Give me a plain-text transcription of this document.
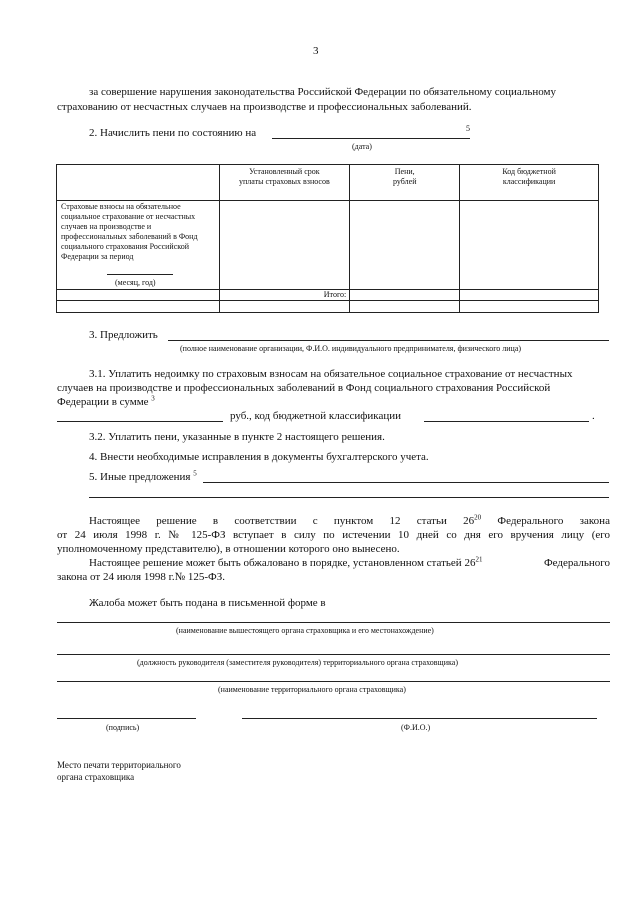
3
за совершение нарушения законодательства Российской Федерации по обязательному социальному
страхованию от несчастных случаев на производстве и профессиональных заболеваний.
2. Начислить пени по состоянию на	5
(дата)

	Установленный срок уплаты страховых взносов	Пени, рублей	Код бюджетной классификации

Страховые взносы на обязательное социальное страхование от несчастных случаев на производстве и профессиональных заболеваний в Фонд социального страхования Российской Федерации за период
(месяц, год)			

	Итого:		

3. Предложить
(полное наименование организации, Ф.И.О. индивидуального предпринимателя, физического лица)
3.1. Уплатить недоимку по страховым взносам на обязательное социальное страхование от несчастных
случаев на производстве и профессиональных заболеваний в Фонд социального страхования Российской
Федерации в сумме $^3$
руб., код бюджетной классификации	.
3.2. Уплатить пени, указанные в пункте 2 настоящего решения.
4. Внести необходимые исправления в документы бухгалтерского учета.
5. Иные предложения $^5$
Настоящее решение в соответствии с пунктом 12 статьи $26^{20}$ Федерального закона
от 24 июля 1998 г. № 125-ФЗ вступает в силу по истечении 10 дней со дня его вручения лицу (его
уполномоченному представителю), в отношении которого оно вынесено.
Настоящее решение может быть обжаловано в порядке, установленном статьей $26^{21}$	Федерального
закона от 24 июля 1998 г.№ 125-ФЗ.
Жалоба может быть подана в письменной форме в
(наименование вышестоящего органа страховщика и его местонахождение)
(должность руководителя (заместителя руководителя) территориального органа страховщика)
(наименование территориального органа страховщика)
(подпись)	(Ф.И.О.)
Место печати территориального
органа страховщика
